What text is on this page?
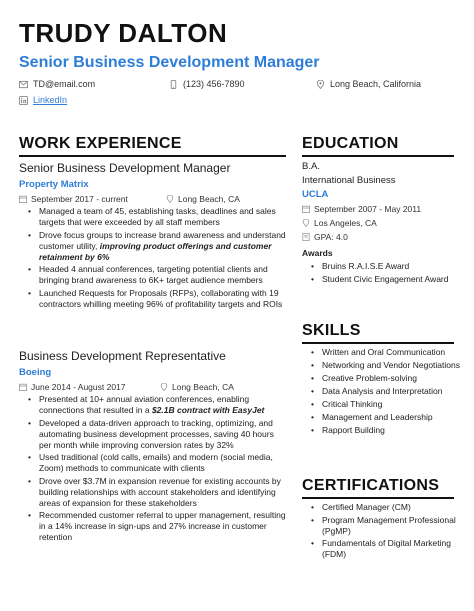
TRUDY DALTON
Senior Business Development Manager
TD@email.com	(123) 456-7890	Long Beach, California
LinkedIn
WORK EXPERIENCE
Senior Business Development Manager
Property Matrix
September 2017 - current	Long Beach, CA
• Managed a team of 45, establishing tasks, deadlines and sales targets that were exceeded by all staff members
• Drove focus groups to increase brand awareness and understand customer utility, improving product offerings and customer retainment by 6%
• Headed 4 annual conferences, targeting potential clients and bringing brand awareness to 6K+ target audience members
• Launched Requests for Proposals (RFPs), collaborating with 19 contractors whilling meeting 96% of profitability targets and ROIs
Business Development Representative
Boeing
June 2014 - August 2017	Long Beach, CA
• Presented at 10+ annual aviation conferences, enabling connections that resulted in a $2.1B contract with EasyJet
• Developed a data-driven approach to tracking, optimizing, and automating business development processes, saving 40 hours per month while improving conversion rates by 32%
• Used traditional (cold calls, emails) and modern (social media, Zoom) methods to communicate with clients
• Drove over $3.7M in expansion revenue for existing accounts by building relationships with account stakeholders and identifying areas of expansion for these stakeholders
• Recommended customer referral to upper management, resulting in a 14% increase in sign-ups and 27% increase in customer retention
EDUCATION
B.A.
International Business
UCLA
September 2007 - May 2011
Los Angeles, CA
GPA: 4.0
Awards
• Bruins R.A.I.S.E Award
• Student Civic Engagement Award
SKILLS
• Written and Oral Communication
• Networking and Vendor Negotiations
• Creative Problem-solving
• Data Analysis and Interpretation
• Critical Thinking
• Management and Leadership
• Rapport Building
CERTIFICATIONS
• Certified Manager (CM)
• Program Management Professional (PgMP)
• Fundamentals of Digital Marketing (FDM)
